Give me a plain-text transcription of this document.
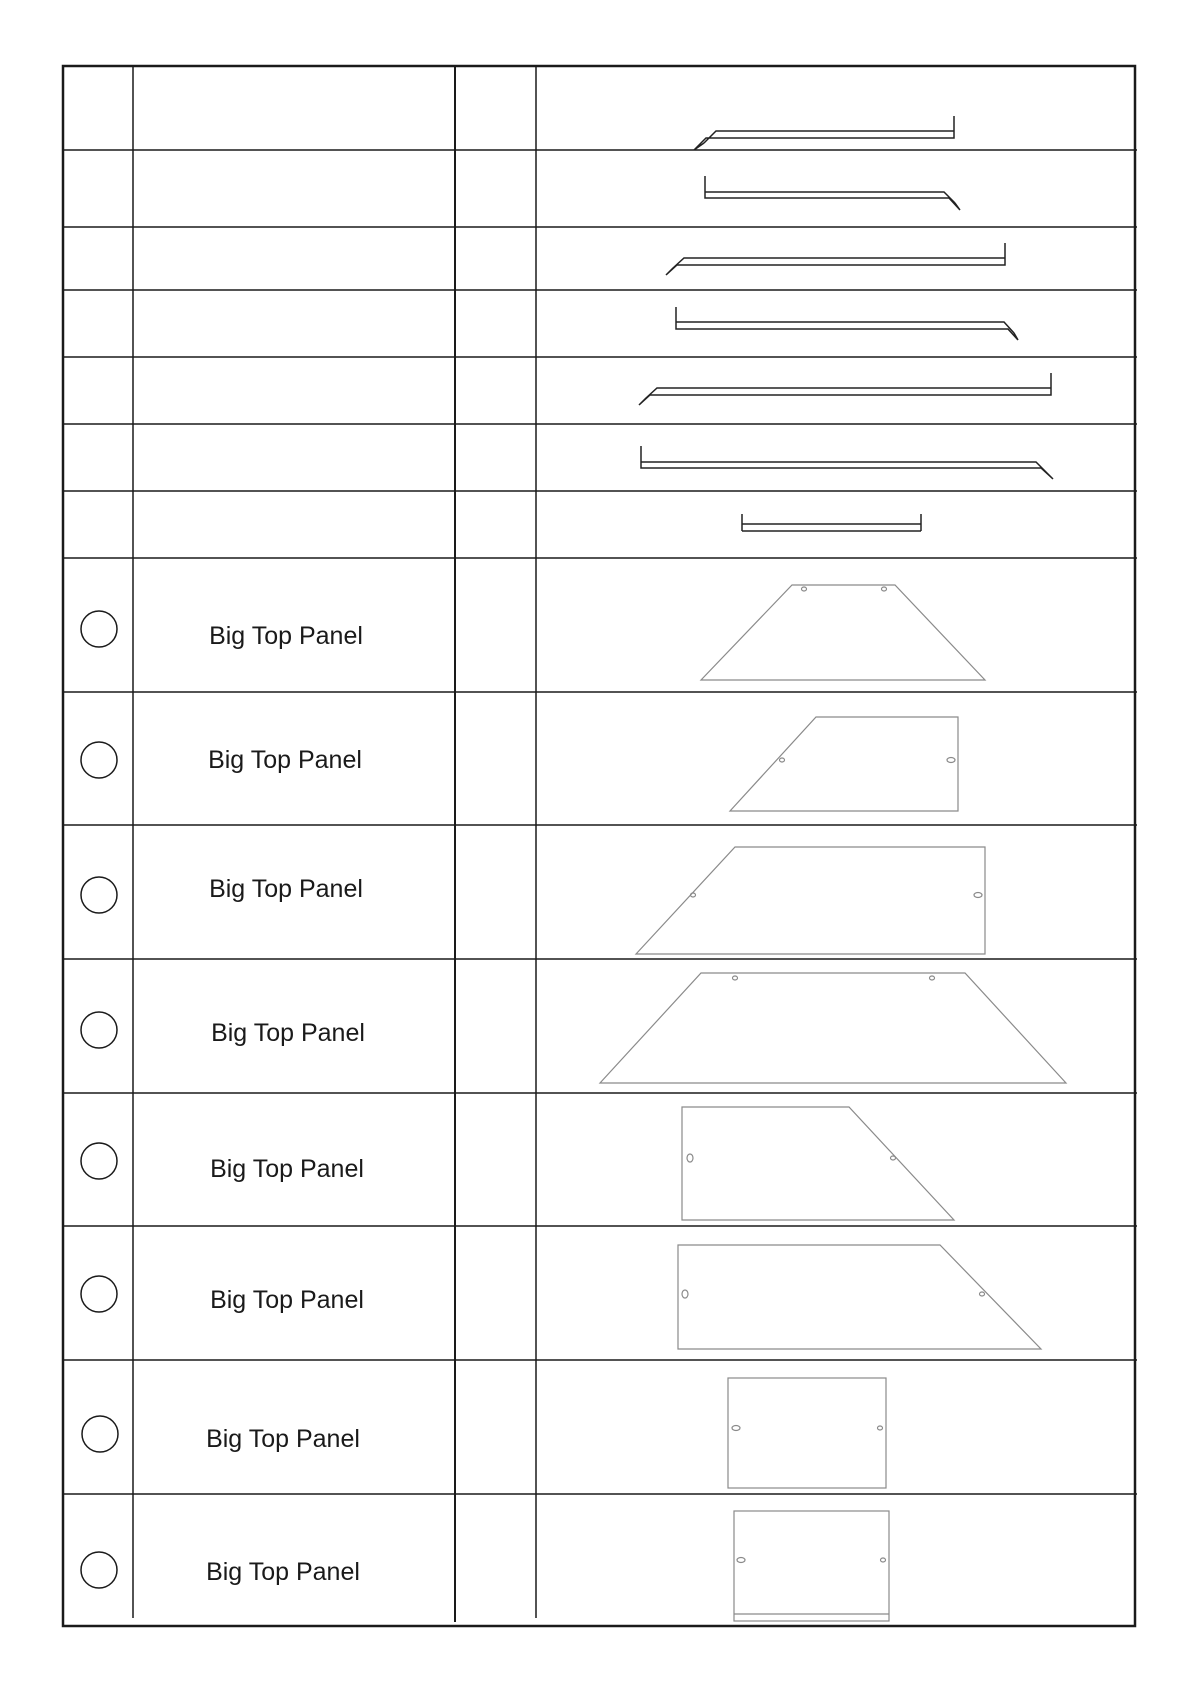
Big Top Panel
Big Top Panel
Big Top Panel
Big Top Panel
Big Top Panel
Big Top Panel
Big Top Panel
Big Top Panel
